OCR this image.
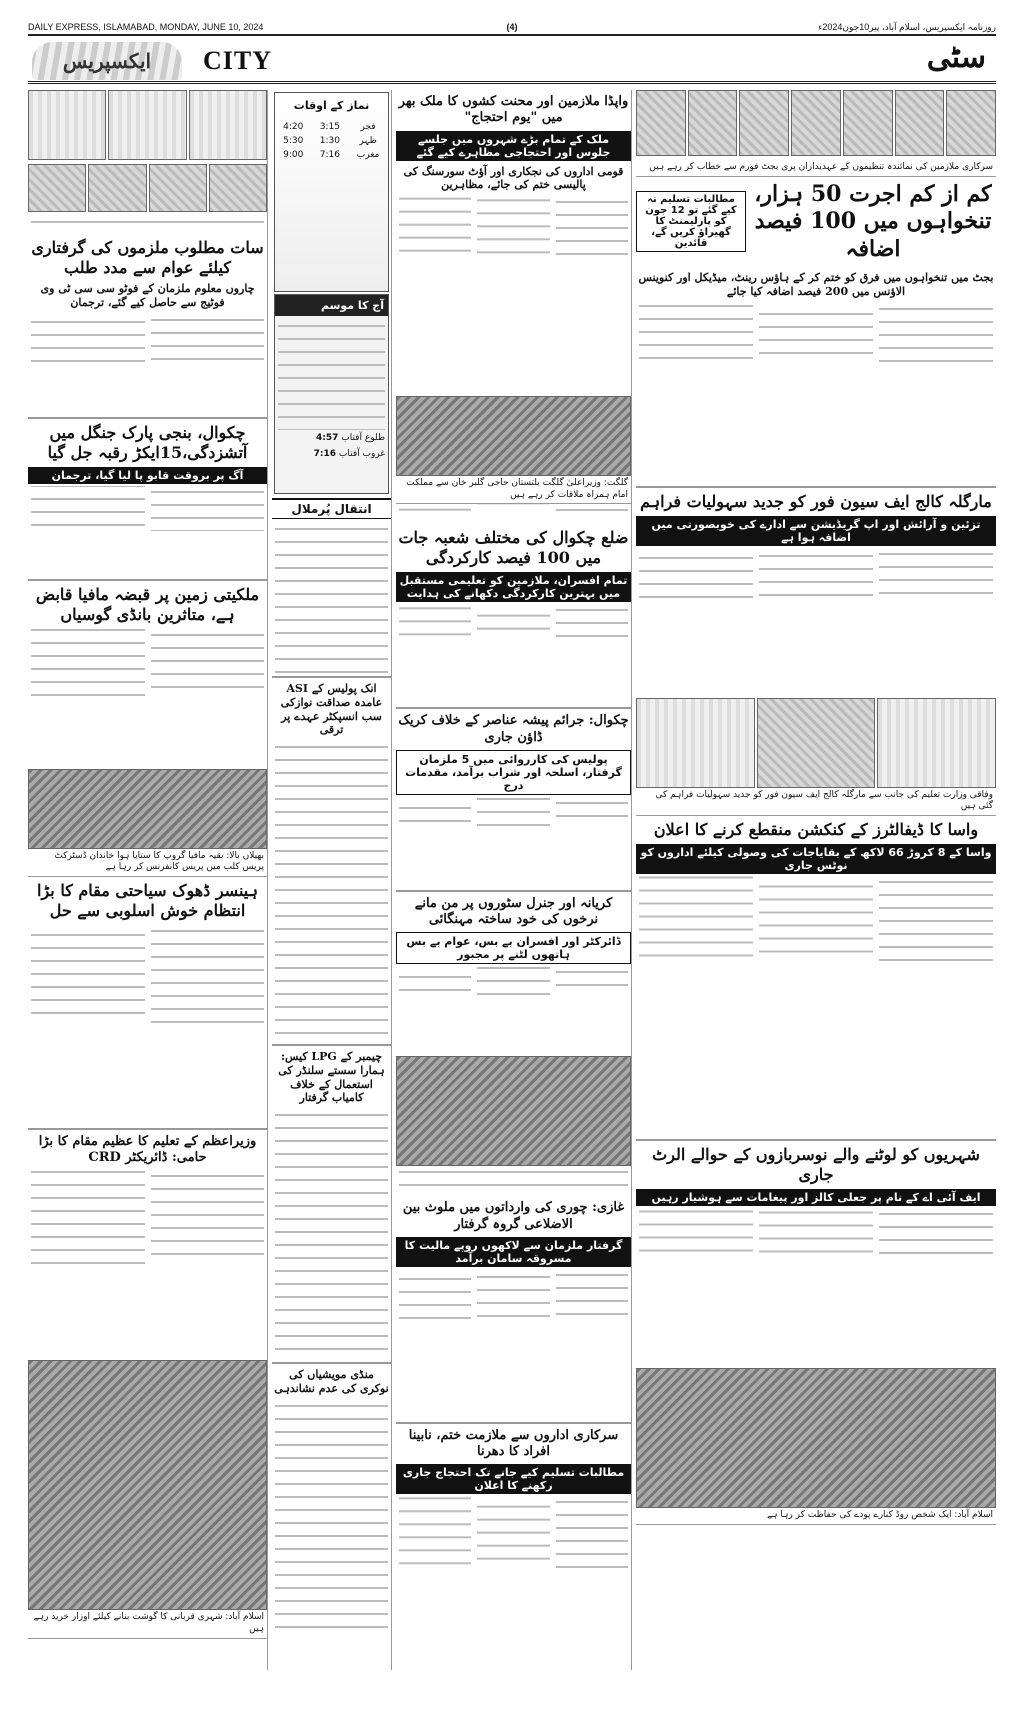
DAILY EXPRESS, ISLAMABAD, MONDAY, JUNE 10, 2024	(4)	روزنامہ ایکسپریس، اسلام آباد، پیر10جون2024ء
ایکسپریس	CITY	سٹی
سات مطلوب ملزموں کی گرفتاری کیلئے عوام سے مدد طلب
چاروں معلوم ملزمان کے فوٹو سی سی ٹی وی فوٹیج سے حاصل کیے گئے، ترجمان
چکوال، بنجی پارک جنگل میں آتشزدگی،15ایکڑ رقبہ جل گیا
آگ پر بروقت قابو پا لیا گیا، ترجمان
ملکیتی زمین پر قبضہ مافیا قابض ہے، متاثرین بانڈی گوسیاں
بھیلاں بالا: بقیہ مافیا گروپ کا ستایا ہوا خاندان ڈسٹرکٹ پریس کلب میں پریس کانفرنس کر رہا ہے
ہینسر ڈھوک سیاحتی مقام کا بڑا انتظام خوش اسلوبی سے حل
وزیراعظم کے تعلیم کا عظیم مقام کا بڑا حامی: ڈائریکٹر CRD
اسلام آباد: شہری قربانی کا گوشت بنانے کیلئے اوزار خرید رہے ہیں
نماز کے اوقات
فجر	3:15	4:20
ظہر	1:30	5:30
مغرب	7:16	9:00
آج کا موسم
طلوع آفتاب 4:57
غروب آفتاب 7:16
انتقال پُرملال
انک پولیس کے ASI عامدہ صداقت نوازکی سب انسپکٹر عہدے پر ترقی
چیمبر کے LPG کیس: ہمارا سستے سلنڈر کی استعمال کے خلاف کامیاب گرفتار
منڈی مویشیاں کی نوکری کی عدم نشاندہی
واپڈا ملازمین اور محنت کشوں کا ملک بھر میں "یوم احتجاج"
ملک کے تمام بڑے شہروں میں جلسے جلوس اور احتجاجی مظاہرے کیے گئے
قومی اداروں کی نجکاری اور آؤٹ سورسنگ کی پالیسی ختم کی جائے، مظاہرین
گلگت: وزیراعلیٰ گلگت بلتستان حاجی گلبر خان سے مملکت امام ہمراہ ملاقات کر رہے ہیں
ضلع چکوال کی مختلف شعبہ جات میں 100 فیصد کارکردگی
تمام افسران، ملازمین کو تعلیمی مستقبل میں بہترین کارکردگی دکھانے کی ہدایت
چکوال: جرائم پیشہ عناصر کے خلاف کریک ڈاؤن جاری
پولیس کی کارروائی میں 5 ملزمان گرفتار، اسلحہ اور شراب برآمد، مقدمات درج
کریانہ اور جنرل سٹوروں پر من مانے نرخوں کی خود ساختہ مہنگائی
ڈائرکٹر اور افسران بے بس، عوام بے بس ہاتھوں لٹنے پر مجبور
غازی: چوری کی وارداتوں میں ملوث بین الاضلاعی گروہ گرفتار
گرفتار ملزمان سے لاکھوں روپے مالیت کا مسروقہ سامان برآمد
سرکاری اداروں سے ملازمت ختم، نابینا افراد کا دھرنا
مطالبات تسلیم کیے جانے تک احتجاج جاری رکھنے کا اعلان
سرکاری ملازمین کی نمائندہ تنظیموں کے عہدیداران پری بجٹ فورم سے خطاب کر رہے ہیں
مطالبات تسلیم نہ کیے گئے تو 12 جون کو پارلیمنٹ کا گھیراؤ کریں گے، قائدین
کم از کم اجرت 50 ہزار، تنخواہوں میں 100 فیصد اضافہ
بجٹ میں تنخواہوں میں فرق کو ختم کر کے ہاؤس رینٹ، میڈیکل اور کنوینس الاؤنس میں 200 فیصد اضافہ کیا جائے
مارگلہ کالج ایف سیون فور کو جدید سہولیات فراہم
تزئین و آرائش اور اپ گریڈیشن سے ادارے کی خوبصورتی میں اضافہ ہوا ہے
وفاقی وزارت تعلیم کی جانب سے مارگلہ کالج ایف سیون فور کو جدید سہولیات فراہم کی گئی ہیں
واسا کا ڈیفالٹرز کے کنکشن منقطع کرنے کا اعلان
واسا کے 8 کروڑ 66 لاکھ کے بقایاجات کی وصولی کیلئے اداروں کو نوٹس جاری
شہریوں کو لوٹنے والے نوسربازوں کے حوالے الرٹ جاری
ایف آئی اے کے نام پر جعلی کالز اور پیغامات سے ہوشیار رہیں
اسلام آباد: ایک شخص روڈ کنارے پودے کی حفاظت کر رہا ہے
